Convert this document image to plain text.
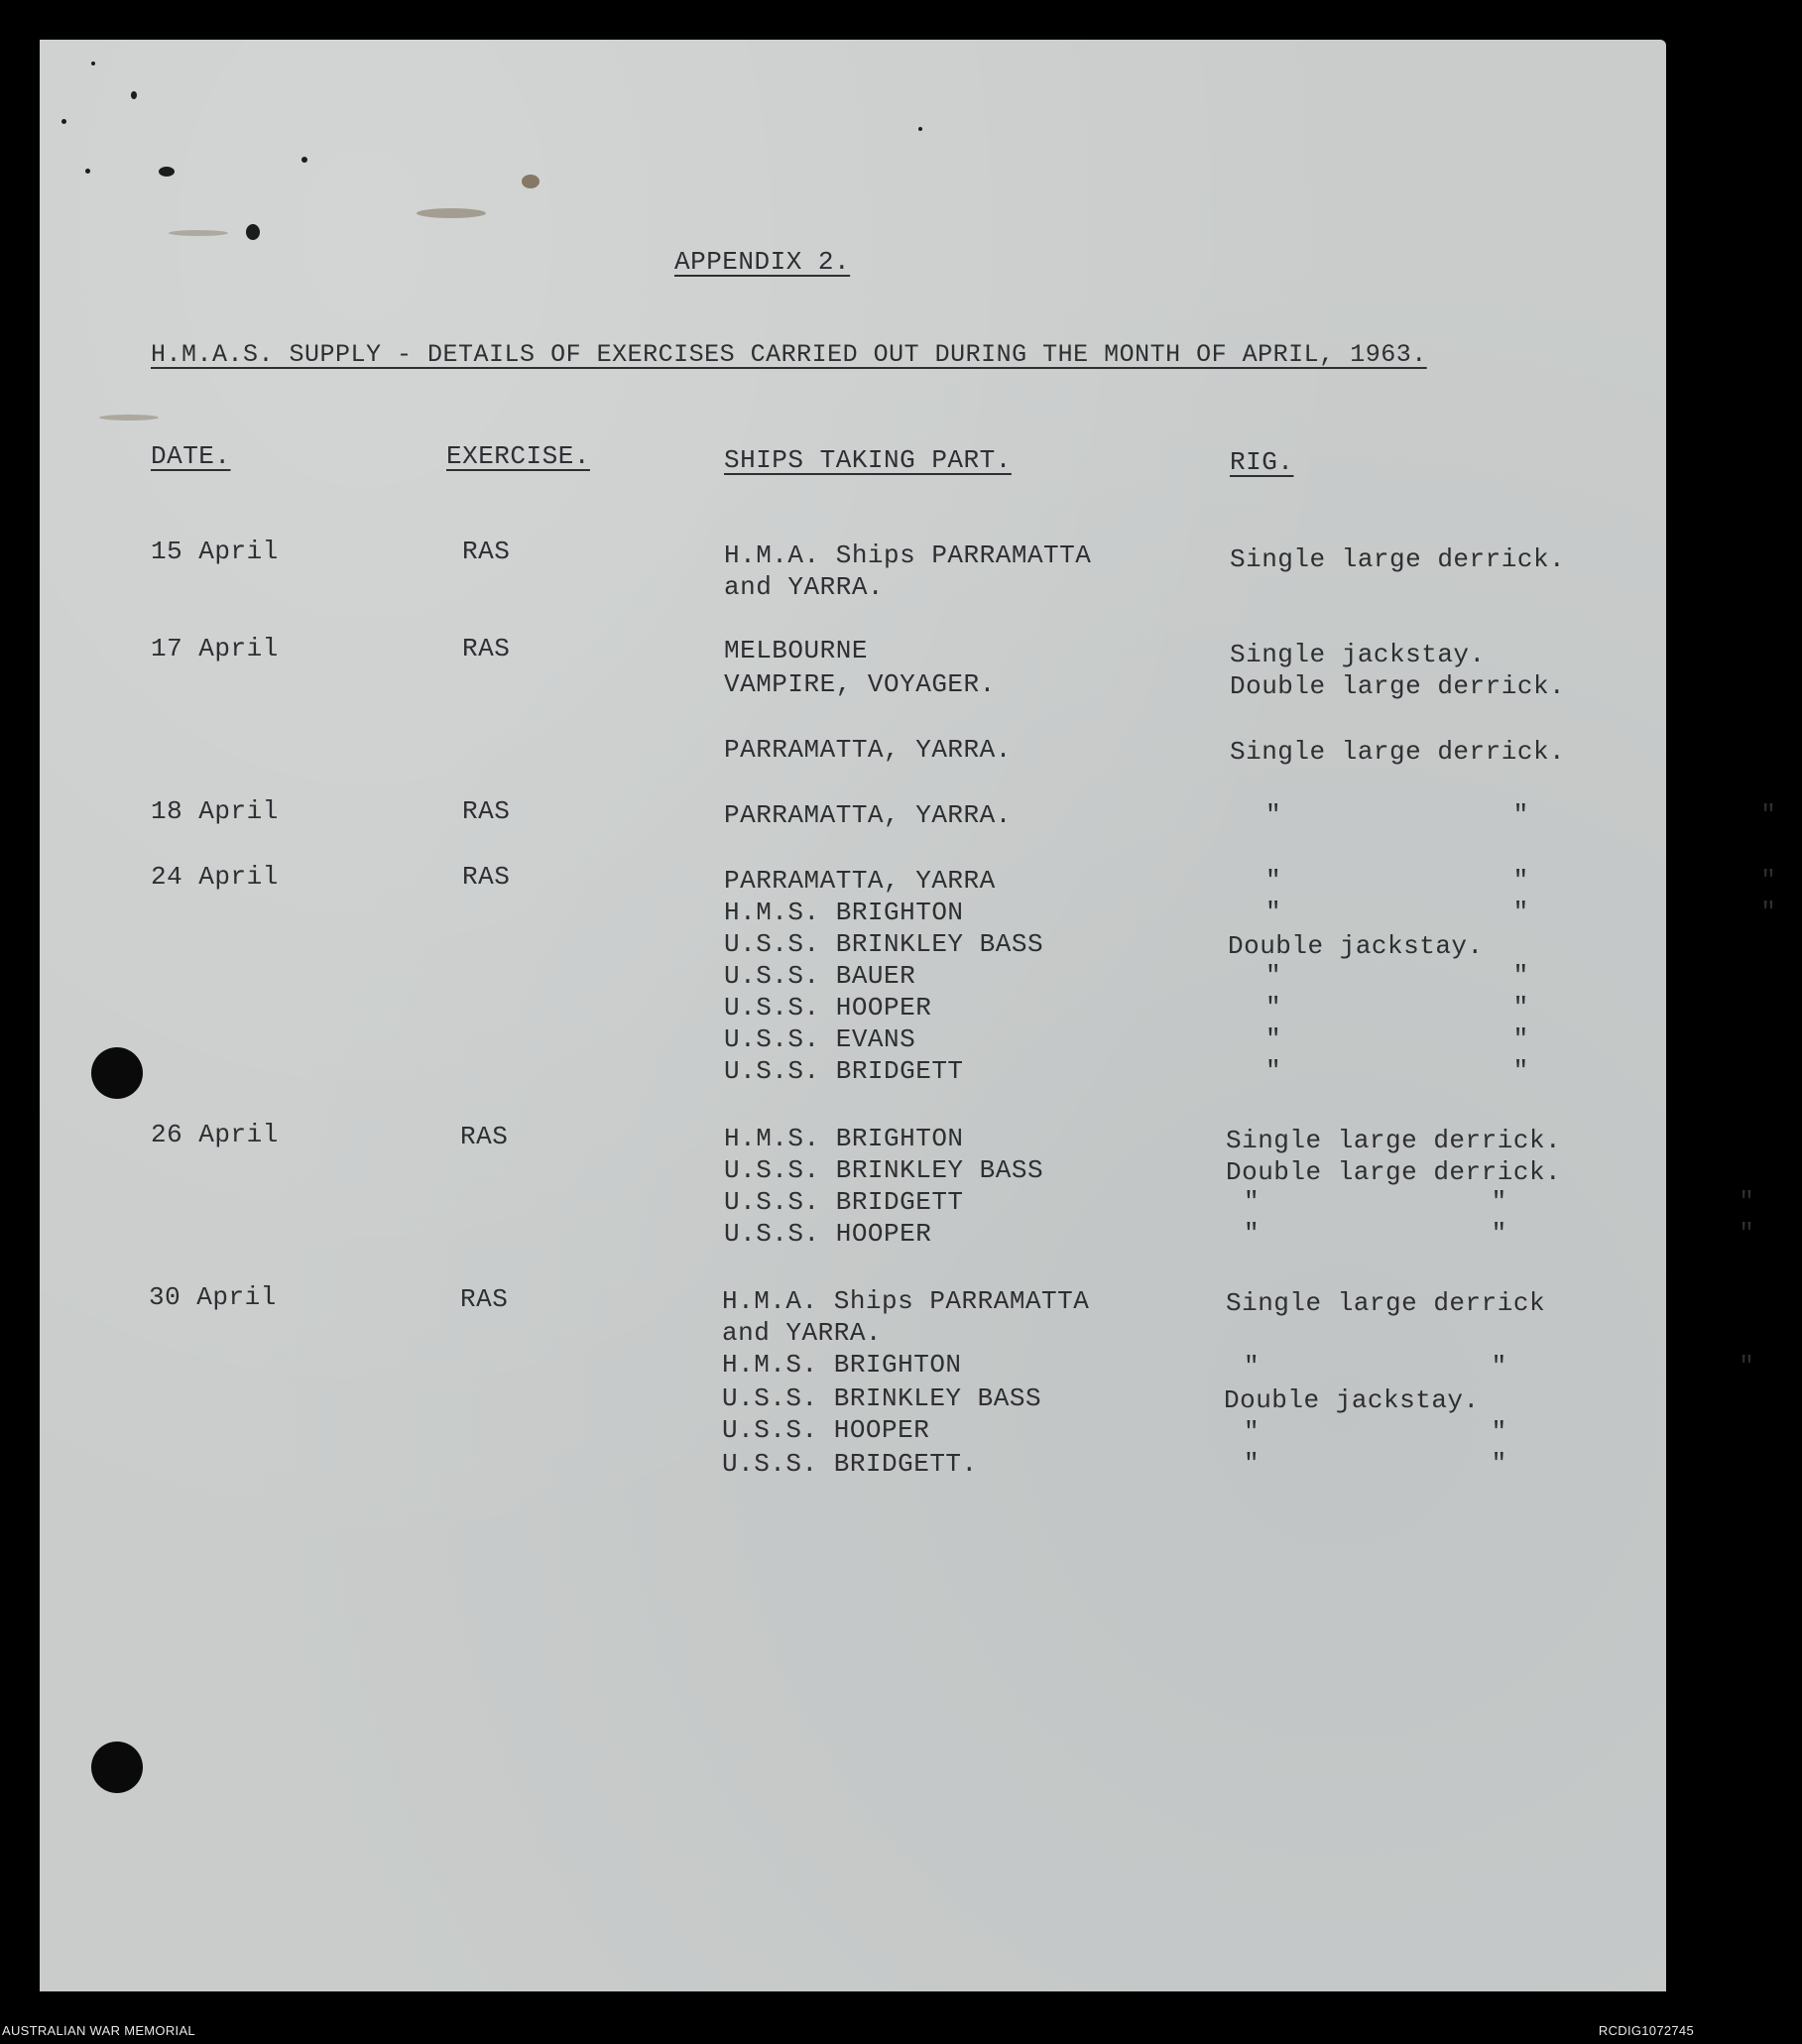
APPENDIX 2.
H.M.A.S. SUPPLY - DETAILS OF EXERCISES CARRIED OUT DURING THE MONTH OF APRIL, 1963.
DATE.	EXERCISE.	SHIPS TAKING PART.	RIG.
15 April	RAS	H.M.A. Ships PARRAMATTA	Single large derrick.
and YARRA.
17 April	RAS	MELBOURNE	Single jackstay.
VAMPIRE, VOYAGER.	Double large derrick.
PARRAMATTA, YARRA.	Single large derrick.
18 April	RAS	PARRAMATTA, YARRA.	"     "     "
24 April	RAS	PARRAMATTA, YARRA	"     "     "
H.M.S. BRIGHTON	"     "     "
U.S.S. BRINKLEY BASS	Double jackstay.
U.S.S. BAUER	"     "
U.S.S. HOOPER	"     "
U.S.S. EVANS	"     "
U.S.S. BRIDGETT	"     "
26 April	RAS	H.M.S. BRIGHTON	Single large derrick.
U.S.S. BRINKLEY BASS	Double large derrick.
U.S.S. BRIDGETT	"     "     "
U.S.S. HOOPER	"     "     "
30 April	RAS	H.M.A. Ships PARRAMATTA	Single large derrick
and YARRA.
H.M.S. BRIGHTON	"     "     "
U.S.S. BRINKLEY BASS	Double jackstay.
U.S.S. HOOPER	"     "
U.S.S. BRIDGETT.	"     "
AUSTRALIAN WAR MEMORIAL	RCDIG1072745
